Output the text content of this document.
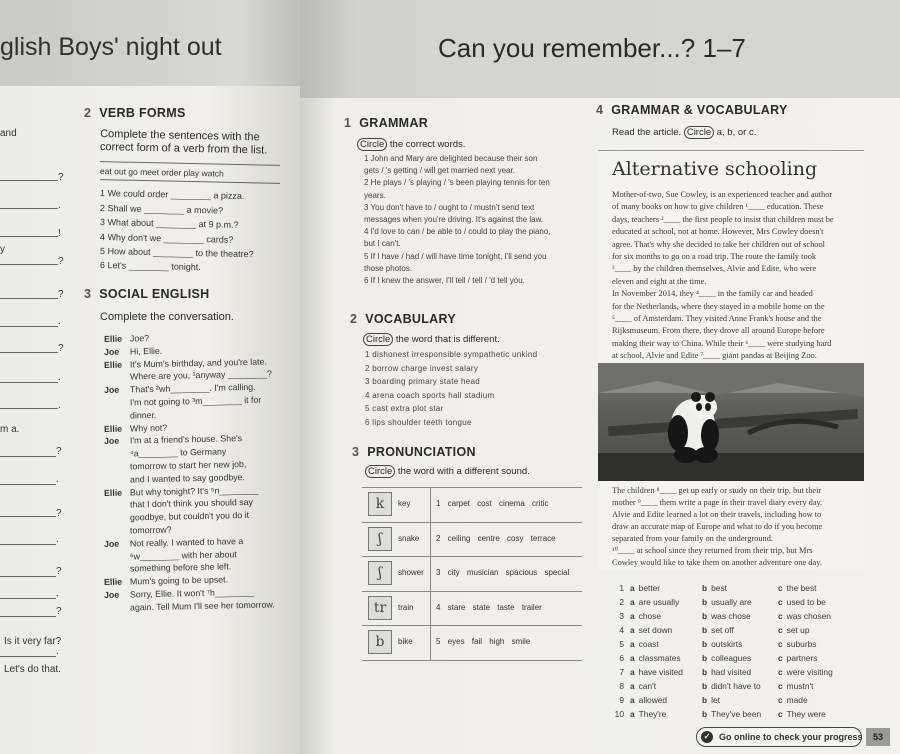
glish Boys' night out
and
?
.
!
y
?
?
.
?
.
.
m a.
?
.
?
.
?
.
?
Is it very far?
.
Let's do that.
2 VERB FORMS
Complete the sentences with the correct form of a verb from the list.
eat out go meet order play watch
1 We could order ________ a pizza.
2 Shall we ________ a movie?
3 What about ________ at 9 p.m.?
4 Why don't we ________ cards?
5 How about ________ to the theatre?
6 Let's ________ tonight.
3 SOCIAL ENGLISH
Complete the conversation.
Ellie Joe?
Joe Hi, Ellie.
Ellie It's Mum's birthday, and you're late.
Where are you, ¹anyway ________?
Joe That's ²wh________. I'm calling.
I'm not going to ³m________ it for
dinner.
Ellie Why not?
Joe I'm at a friend's house. She's
⁴a________ to Germany
tomorrow to start her new job,
and I wanted to say goodbye.
Ellie But why tonight? It's ⁵n________
that I don't think you should say
goodbye, but couldn't you do it
tomorrow?
Joe Not really. I wanted to have a
⁶w________ with her about
something before she left.
Ellie Mum's going to be upset.
Joe Sorry, Ellie. It won't ⁷h________
again. Tell Mum I'll see her tomorrow.
Can you remember...? 1–7
1 GRAMMAR
Circle the correct words.
1 John and Mary are delighted because their son
gets / 's getting / will get married next year.
2 He plays / 's playing / 's been playing tennis for ten
years.
3 You don't have to / ought to / mustn't send text
messages when you're driving. It's against the law.
4 I'd love to can / be able to / could to play the piano,
but I can't.
5 If I have / had / will have time tonight, I'll send you
those photos.
6 If I knew the answer, I'll tell / tell / 'd tell you.
2 VOCABULARY
Circle the word that is different.
1 dishonest irresponsible sympathetic unkind
2 borrow charge invest salary
3 boarding primary state head
4 arena coach sports hall stadium
5 cast extra plot star
6 lips shoulder teeth tongue
3 PRONUNCIATION
Circle the word with a different sound.
k	key	1 carpet cost cinema critic
ʃ	snake 2 ceiling centre cosy terrace
ʃ	shower 3 city musician spacious special
tr	train	4 stare state taste trailer
b	bike	5 eyes fail high smile
4 GRAMMAR & VOCABULARY
Read the article. Circle a, b, or c.
Alternative schooling
Mother-of-two, Sue Cowley, is an experienced teacher and author
of many books on how to give children ¹____ education. These
days, teachers ²____ the first people to insist that children must be
educated at school, not at home. However, Mrs Cowley doesn't
agree. That's why she decided to take her children out of school
for six months to go on a road trip. The route the family took
³____ by the children themselves, Alvie and Edite, who were
eleven and eight at the time.
In November 2014, they ⁴____ in the family car and headed
for the Netherlands, where they stayed in a mobile home on the
⁵____ of Amsterdam. They visited Anne Frank's house and the
Rijksmuseum. From there, they drove all around Europe before
making their way to China. While their ⁶____ were studying hard
at school, Alvie and Edite ⁷____ giant pandas at Beijing Zoo.
The children ⁸____ get up early or study on their trip, but their
mother ⁹____ them write a page in their travel diary every day.
Alvie and Edite learned a lot on their travels, including how to
draw an accurate map of Europe and what to do if you become
separated from your family on the underground.
¹⁰____ at school since they returned from their trip, but Mrs
Cowley would like to take them on another adventure one day.
1 a better	b best	c the best
2 a are usually	b usually are	c used to be
3 a chose	b was chose	c was chosen
4 a set down	b set off	c set up
5 a coast	b outskirts	c suburbs
6 a classmates	b colleagues	c partners
7 a have visited b had visited	c were visiting
8 a can't	b didn't have to c mustn't
9 a allowed	b let	c made
10 a They're	b They've been c They were
✓ Go online to check your progress	53
